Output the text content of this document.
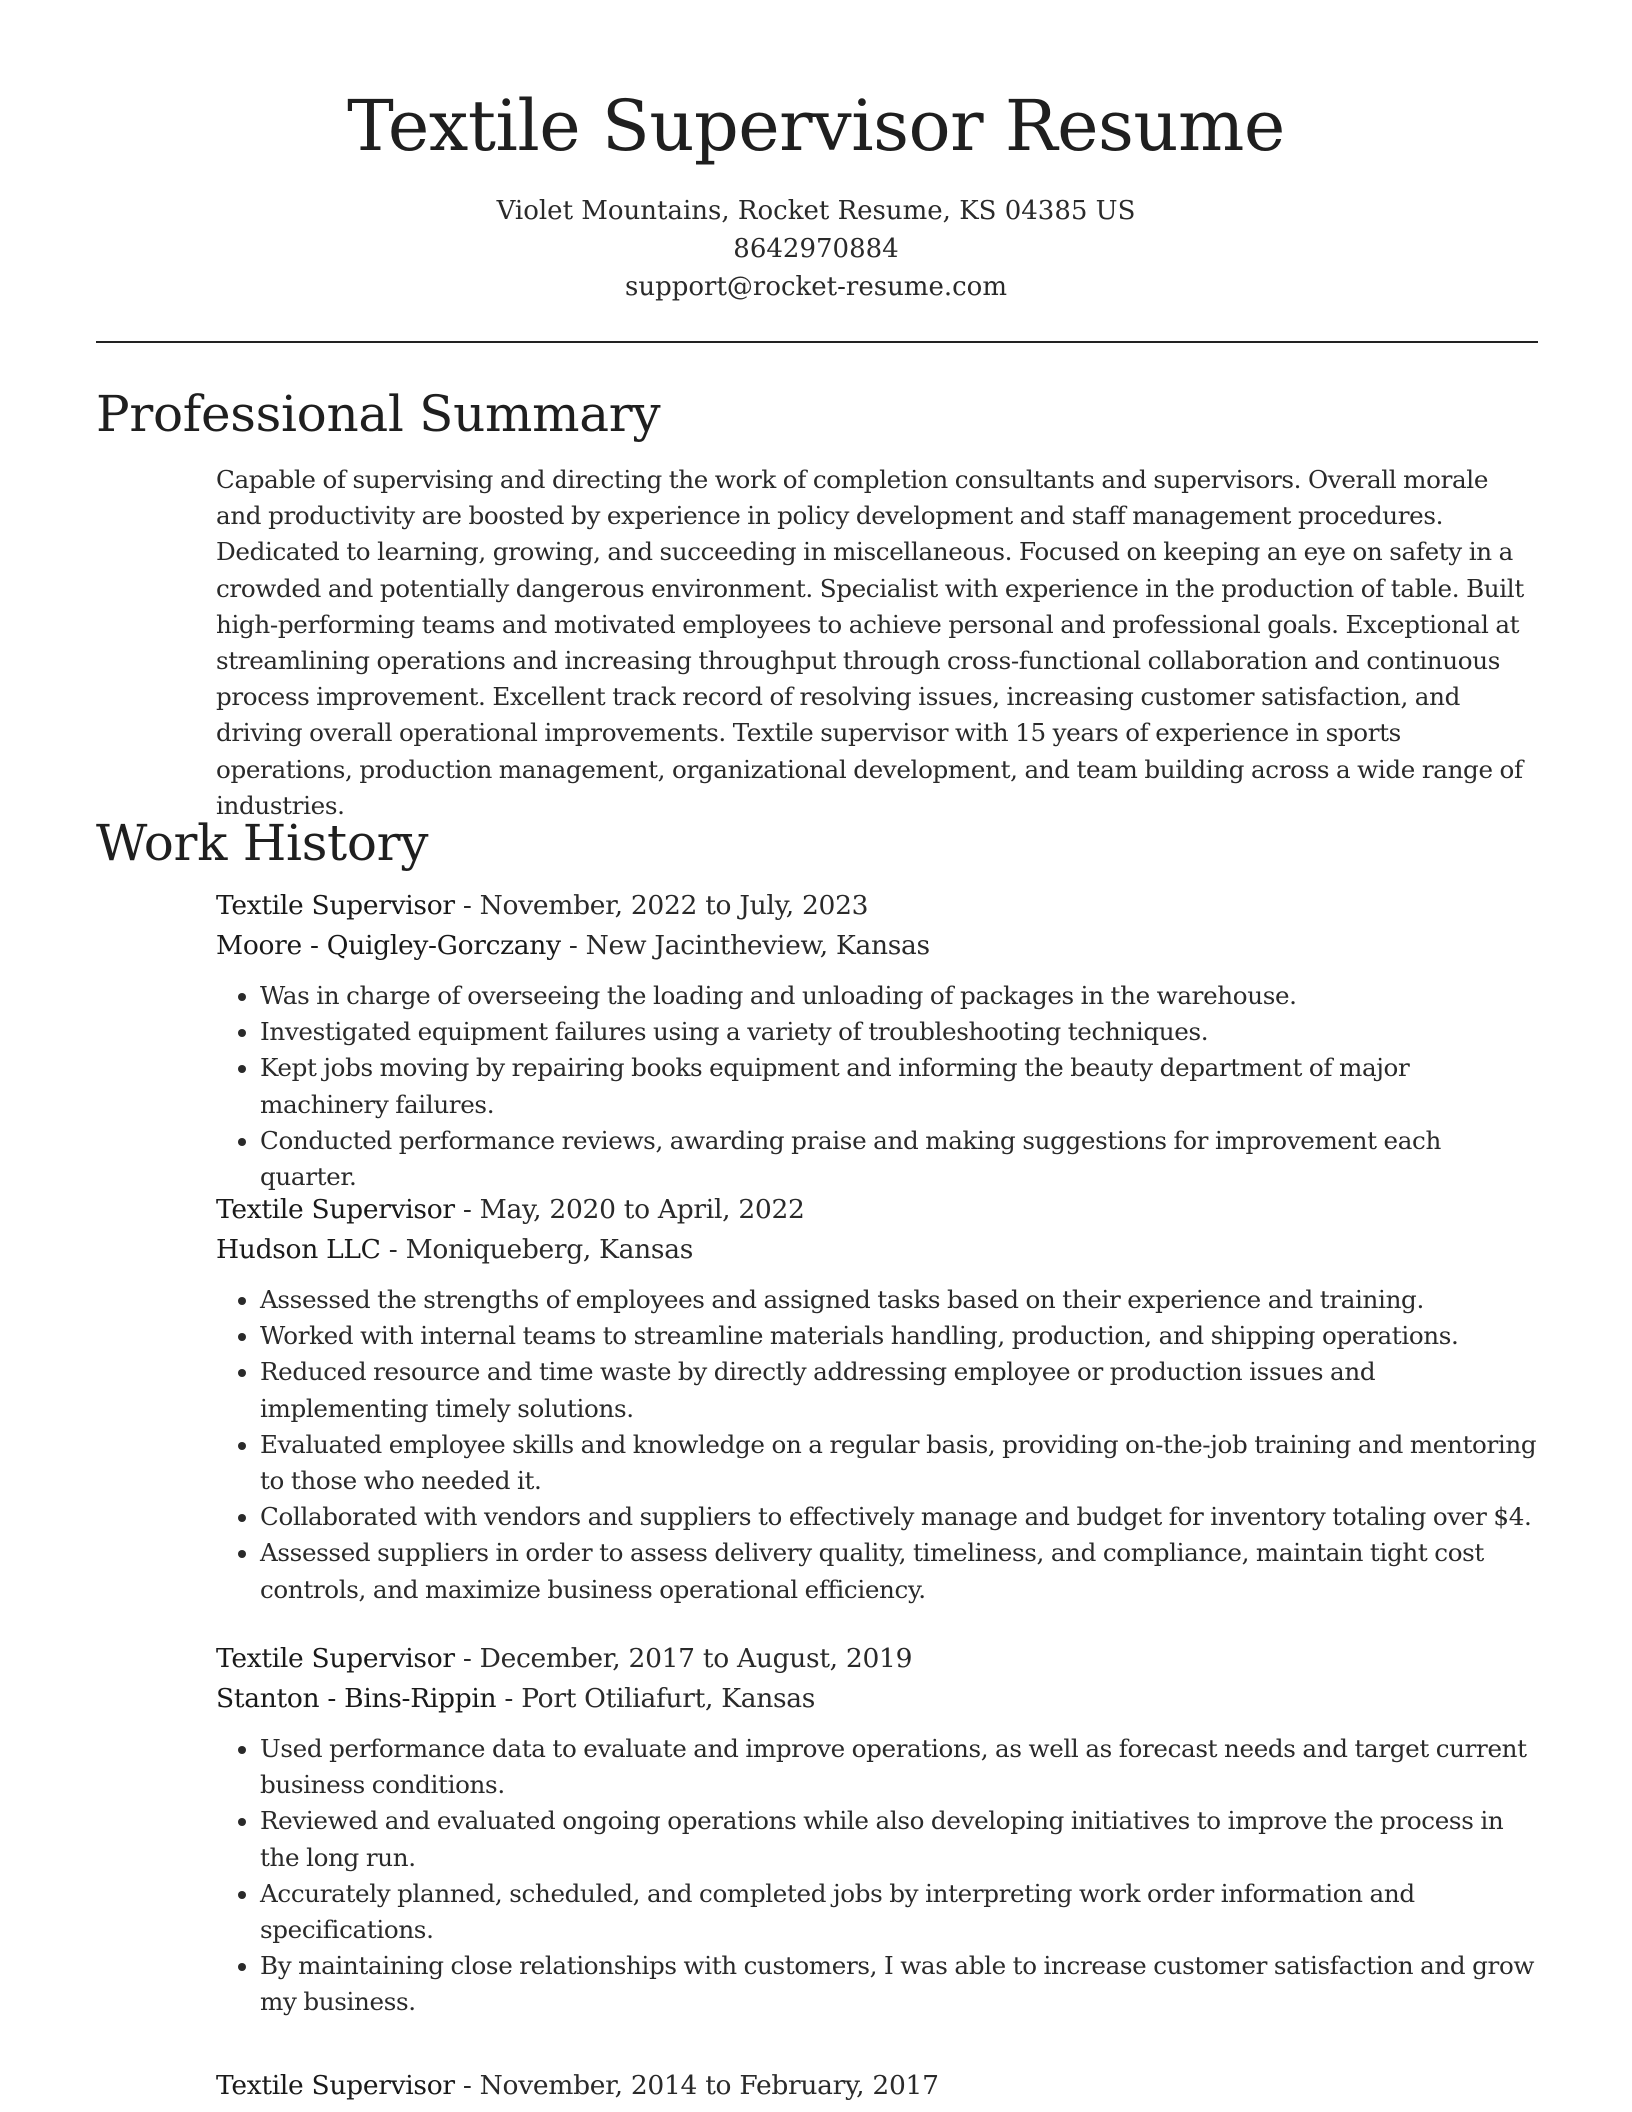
Textile Supervisor Resume
Violet Mountains, Rocket Resume, KS 04385 US
8642970884
support@rocket-resume.com
Professional Summary

Capable of supervising and directing the work of completion consultants and supervisors. Overall morale and productivity are boosted by experience in policy development and staff management procedures. Dedicated to learning, growing, and succeeding in miscellaneous. Focused on keeping an eye on safety in a crowded and potentially dangerous environment. Specialist with experience in the production of table. Built high-performing teams and motivated employees to achieve personal and professional goals. Exceptional at streamlining operations and increasing throughput through cross-functional collaboration and continuous process improvement. Excellent track record of resolving issues, increasing customer satisfaction, and driving overall operational improvements. Textile supervisor with 15 years of experience in sports operations, production management, organizational development, and team building across a wide range of industries.

Work History
Textile Supervisor - November, 2022 to July, 2023
Moore - Quigley-Gorczany - New Jacintheview, Kansas
• Was in charge of overseeing the loading and unloading of packages in the warehouse.
• Investigated equipment failures using a variety of troubleshooting techniques.
• Kept jobs moving by repairing books equipment and informing the beauty department of major machinery failures.
• Conducted performance reviews, awarding praise and making suggestions for improvement each quarter.
Textile Supervisor - May, 2020 to April, 2022
Hudson LLC - Moniqueberg, Kansas
• Assessed the strengths of employees and assigned tasks based on their experience and training.
• Worked with internal teams to streamline materials handling, production, and shipping operations.
• Reduced resource and time waste by directly addressing employee or production issues and implementing timely solutions.
• Evaluated employee skills and knowledge on a regular basis, providing on-the-job training and mentoring to those who needed it.
• Collaborated with vendors and suppliers to effectively manage and budget for inventory totaling over $4.
• Assessed suppliers in order to assess delivery quality, timeliness, and compliance, maintain tight cost controls, and maximize business operational efficiency.
Textile Supervisor - December, 2017 to August, 2019
Stanton - Bins-Rippin - Port Otiliafurt, Kansas
• Used performance data to evaluate and improve operations, as well as forecast needs and target current business conditions.
• Reviewed and evaluated ongoing operations while also developing initiatives to improve the process in the long run.
• Accurately planned, scheduled, and completed jobs by interpreting work order information and specifications.
• By maintaining close relationships with customers, I was able to increase customer satisfaction and grow my business.
Textile Supervisor - November, 2014 to February, 2017
